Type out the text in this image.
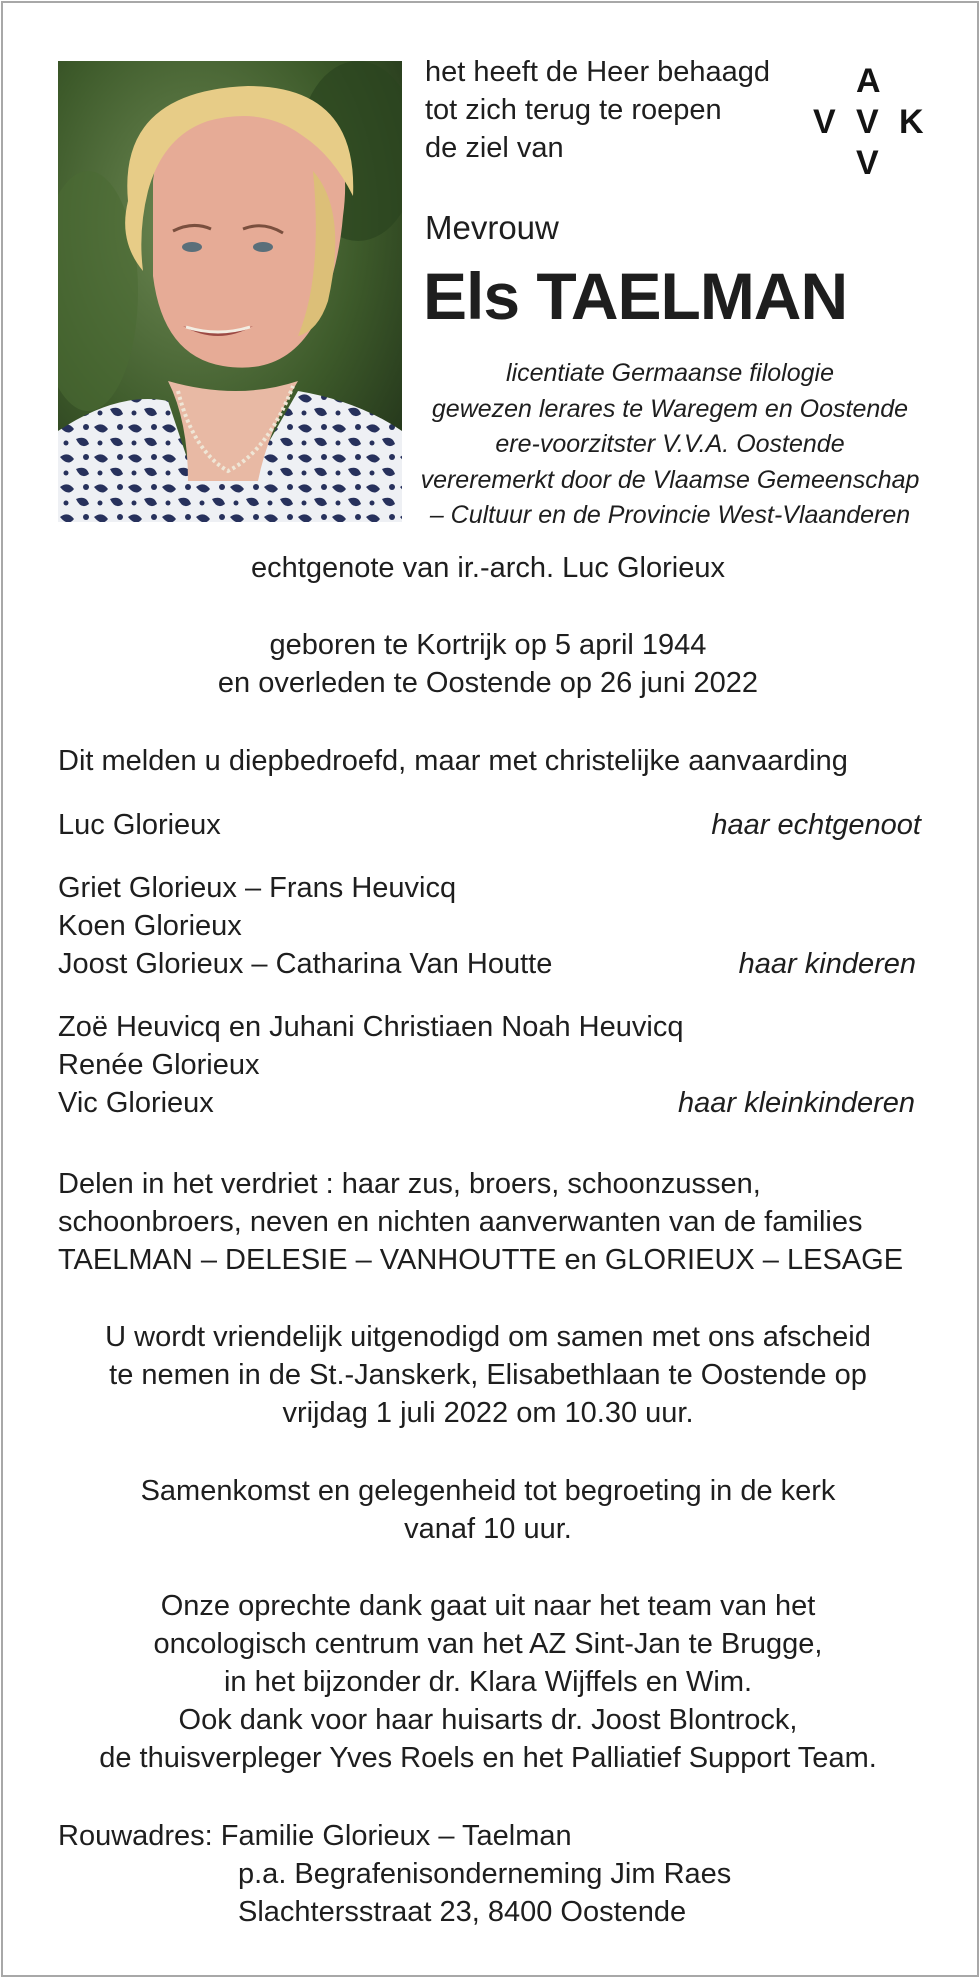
het heeft de Heer behaagd
tot zich terug te roepen
de ziel van
A
V V K
V
Mevrouw
Els TAELMAN
licentiate Germaanse filologie
gewezen lerares te Waregem en Oostende
ere-voorzitster V.V.A. Oostende
vereremerkt door de Vlaamse Gemeenschap
– Cultuur en de Provincie West-Vlaanderen
echtgenote van ir.-arch. Luc Glorieux
geboren te Kortrijk op 5 april 1944
en overleden te Oostende op 26 juni 2022
Dit melden u diepbedroefd, maar met christelijke aanvaarding
Luc Glorieux	haar echtgenoot
Griet Glorieux – Frans Heuvicq
Koen Glorieux
Joost Glorieux – Catharina Van Houtte	haar kinderen
Zoë Heuvicq en Juhani Christiaen Noah Heuvicq
Renée Glorieux
Vic Glorieux	haar kleinkinderen
Delen in het verdriet : haar zus, broers, schoonzussen,
schoonbroers, neven en nichten aanverwanten van de families
TAELMAN – DELESIE – VANHOUTTE en GLORIEUX – LESAGE
U wordt vriendelijk uitgenodigd om samen met ons afscheid
te nemen in de St.-Janskerk, Elisabethlaan te Oostende op
vrijdag 1 juli 2022 om 10.30 uur.
Samenkomst en gelegenheid tot begroeting in de kerk
vanaf 10 uur.
Onze oprechte dank gaat uit naar het team van het
oncologisch centrum van het AZ Sint-Jan te Brugge,
in het bijzonder dr. Klara Wijffels en Wim.
Ook dank voor haar huisarts dr. Joost Blontrock,
de thuisverpleger Yves Roels en het Palliatief Support Team.
Rouwadres: Familie Glorieux – Taelman
p.a. Begrafenisonderneming Jim Raes
Slachtersstraat 23, 8400 Oostende
